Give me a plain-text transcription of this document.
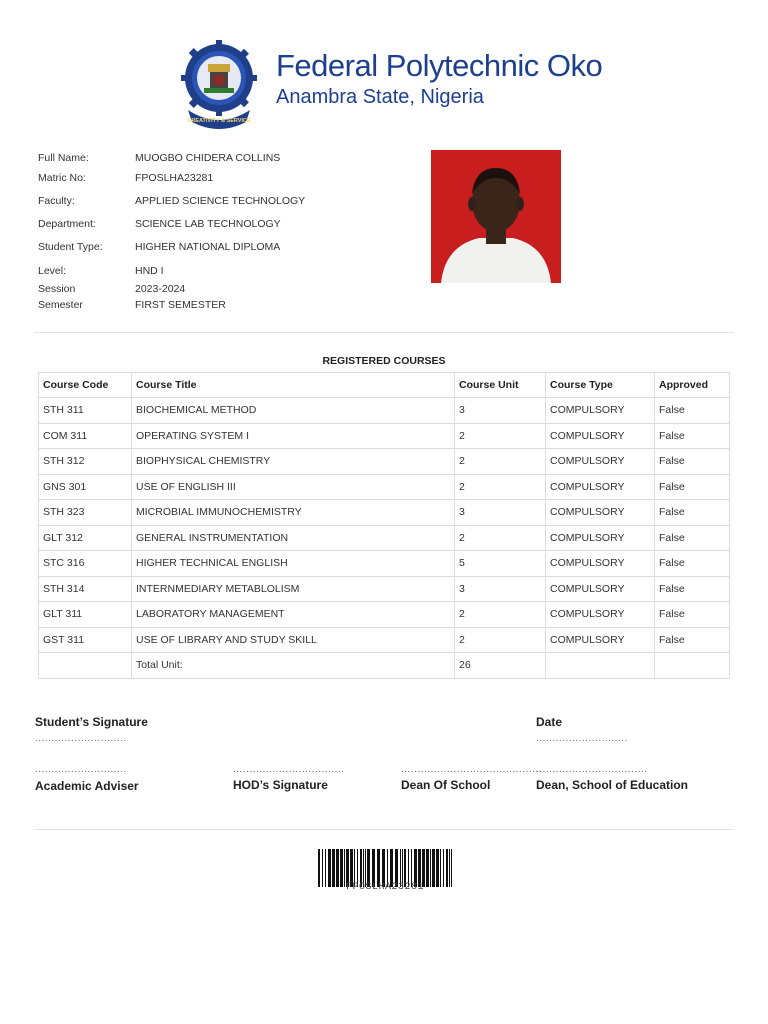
CREATIVITY & SERVICE
Federal Polytechnic Oko
Anambra State, Nigeria
Full Name:	MUOGBO CHIDERA COLLINS
Matric No:	FPOSLHA23281
Faculty:	APPLIED SCIENCE TECHNOLOGY
Department:	SCIENCE LAB TECHNOLOGY
Student Type:	HIGHER NATIONAL DIPLOMA
Level:	HND I
Session	2023-2024
Semester	FIRST SEMESTER
REGISTERED COURSES
Course Code	Course Title	Course Unit	Course Type	Approved
STH 311	BIOCHEMICAL METHOD	3	COMPULSORY	False
COM 311	OPERATING SYSTEM I	2	COMPULSORY	False
STH 312	BIOPHYSICAL CHEMISTRY	2	COMPULSORY	False
GNS 301	USE OF ENGLISH III	2	COMPULSORY	False
STH 323	MICROBIAL IMMUNOCHEMISTRY	3	COMPULSORY	False
GLT 312	GENERAL INSTRUMENTATION	2	COMPULSORY	False
STC 316	HIGHER TECHNICAL ENGLISH	5	COMPULSORY	False
STH 314	INTERNMEDIARY METABLOLISM	3	COMPULSORY	False
GLT 311	LABORATORY MANAGEMENT	2	COMPULSORY	False
GST 311	USE OF LIBRARY AND STUDY SKILL	2	COMPULSORY	False
	Total Unit:	26		
Student’s Signature
............................
Date
............................
............................	..................................	...........................................
..................................
Academic Adviser	HOD’s Signature	Dean Of School	Dean, School of Education
FPOSLHA23281
